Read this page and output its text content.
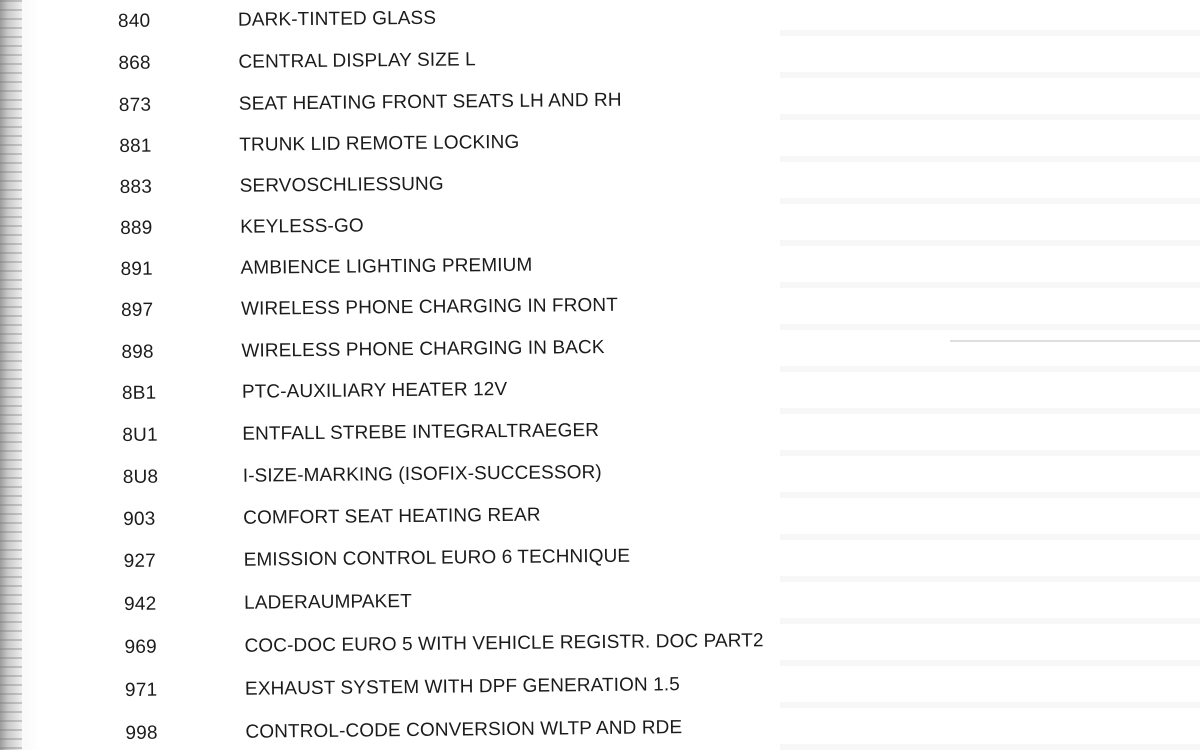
840	DARK-TINTED GLASS
868	CENTRAL DISPLAY SIZE L
873	SEAT HEATING FRONT SEATS LH AND RH
881	TRUNK LID REMOTE LOCKING
883	SERVOSCHLIESSUNG
889	KEYLESS-GO
891	AMBIENCE LIGHTING PREMIUM
897	WIRELESS PHONE CHARGING IN FRONT
898	WIRELESS PHONE CHARGING IN BACK
8B1	PTC-AUXILIARY HEATER 12V
8U1	ENTFALL STREBE INTEGRALTRAEGER
8U8	I-SIZE-MARKING (ISOFIX-SUCCESSOR)
903	COMFORT SEAT HEATING REAR
927	EMISSION CONTROL EURO 6 TECHNIQUE
942	LADERAUMPAKET
969	COC-DOC EURO 5 WITH VEHICLE REGISTR. DOC PART2
971	EXHAUST SYSTEM WITH DPF GENERATION 1.5
998	CONTROL-CODE CONVERSION WLTP AND RDE
